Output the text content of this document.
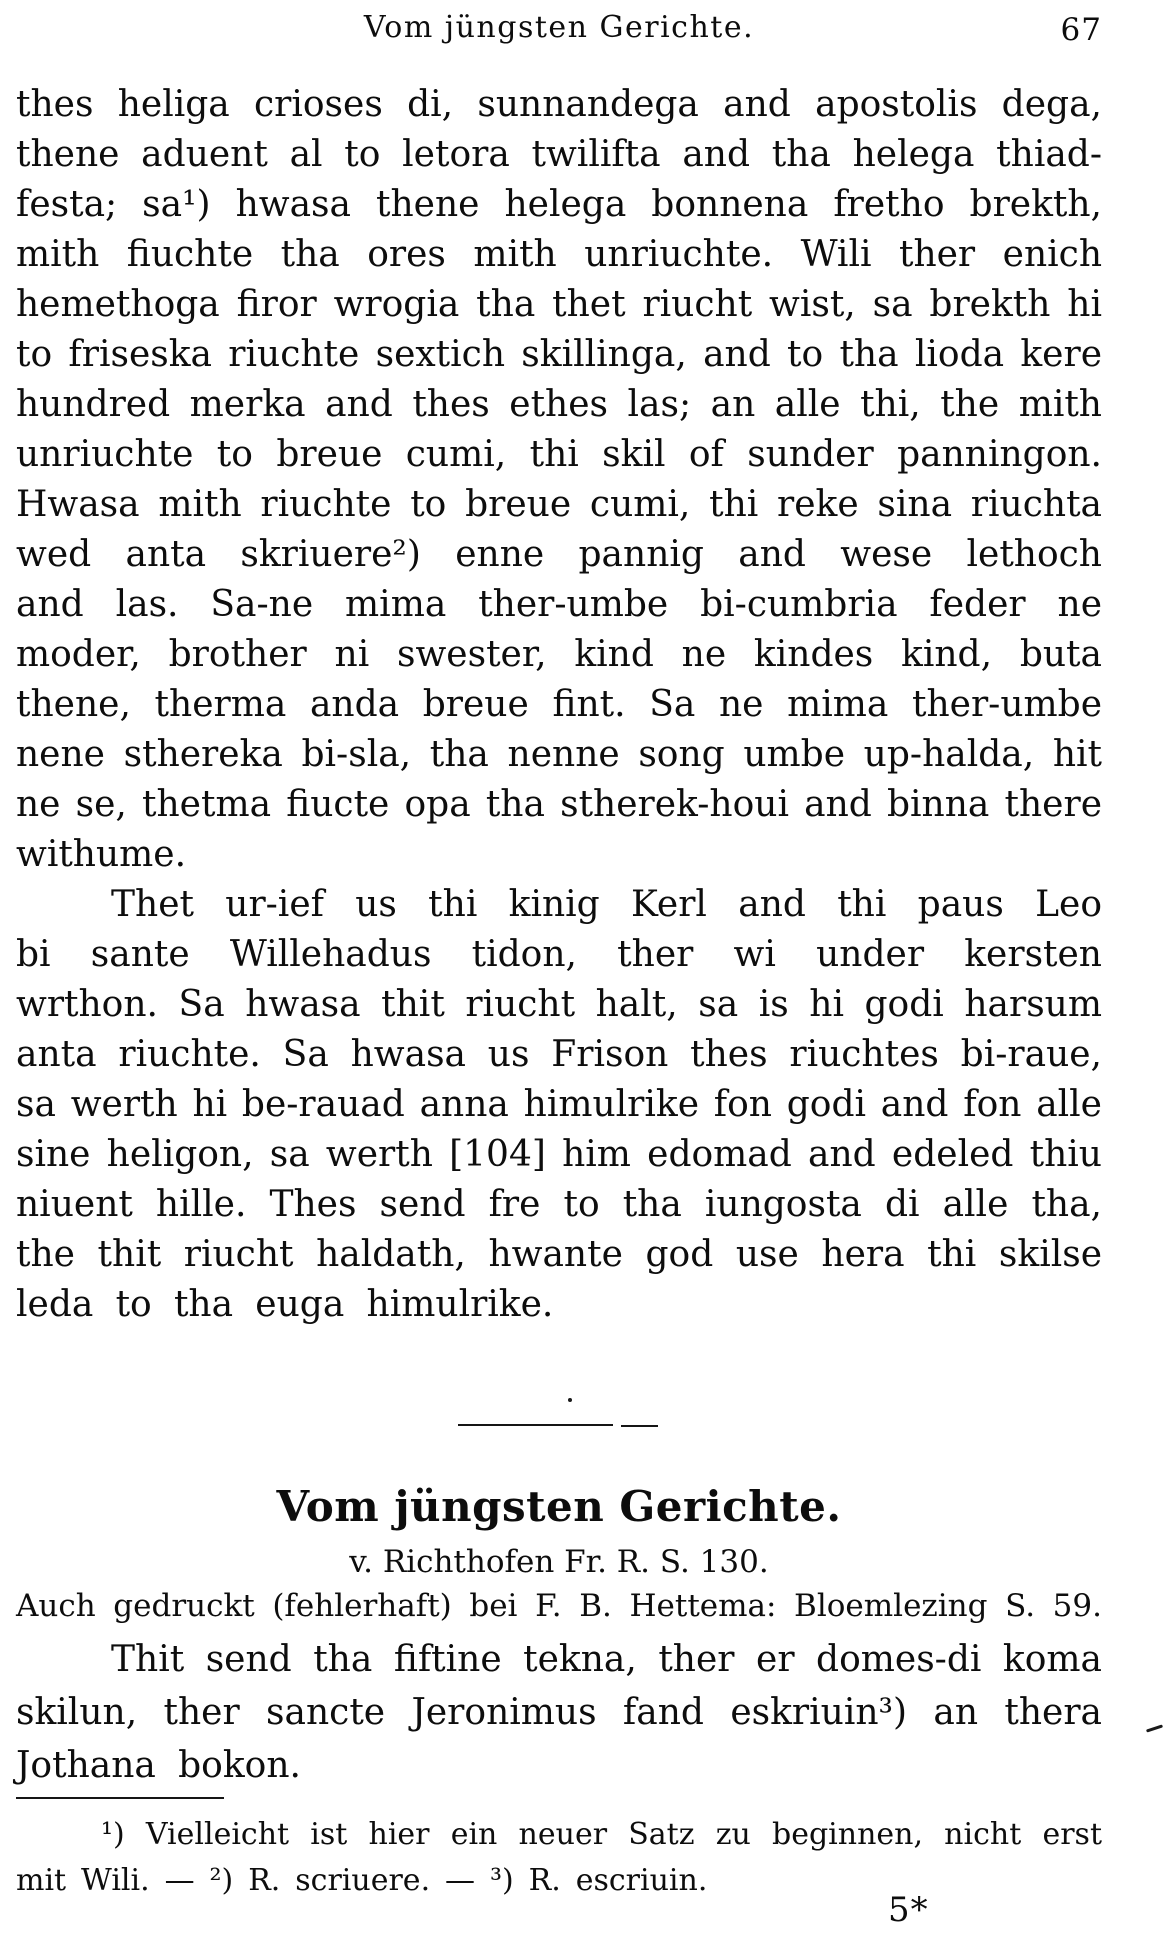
Vom jüngsten Gerichte.	67
thes heliga crioses di, sunnandega and apostolis dega,
thene aduent al to letora twilifta and tha helega thiad-
festa; sa¹) hwasa thene helega bonnena fretho brekth,
mith fiuchte tha ores mith unriuchte. Wili ther enich
hemethoga firor wrogia tha thet riucht wist, sa brekth hi
to friseska riuchte sextich skillinga, and to tha lioda kere
hundred merka and thes ethes las; an alle thi, the mith
unriuchte to breue cumi, thi skil of sunder panningon.
Hwasa mith riuchte to breue cumi, thi reke sina riuchta
wed anta skriuere²) enne pannig and wese lethoch
and las. Sa-ne mima ther-umbe bi-cumbria feder ne
moder, brother ni swester, kind ne kindes kind, buta
thene, therma anda breue fint. Sa ne mima ther-umbe
nene sthereka bi-sla, tha nenne song umbe up-halda, hit
ne se, thetma fiucte opa tha stherek-houi and binna there
withume.
Thet ur-ief us thi kinig Kerl and thi paus Leo
bi sante Willehadus tidon, ther wi under kersten
wrthon. Sa hwasa thit riucht halt, sa is hi godi harsum
anta riuchte. Sa hwasa us Frison thes riuchtes bi-raue,
sa werth hi be-rauad anna himulrike fon godi and fon alle
sine heligon, sa werth [104] him edomad and edeled thiu
niuent hille. Thes send fre to tha iungosta di alle tha,
the thit riucht haldath, hwante god use hera thi skilse
leda to tha euga himulrike.
Vom jüngsten Gerichte.
v. Richthofen Fr. R. S. 130.
Auch gedruckt (fehlerhaft) bei F. B. Hettema: Bloemlezing S. 59.
Thit send tha fiftine tekna, ther er domes-di koma
skilun, ther sancte Jeronimus fand eskriuin³) an thera
Jothana bokon.
¹) Vielleicht ist hier ein neuer Satz zu beginnen, nicht erst
mit Wili. — ²) R. scriuere. — ³) R. escriuin.
5*
